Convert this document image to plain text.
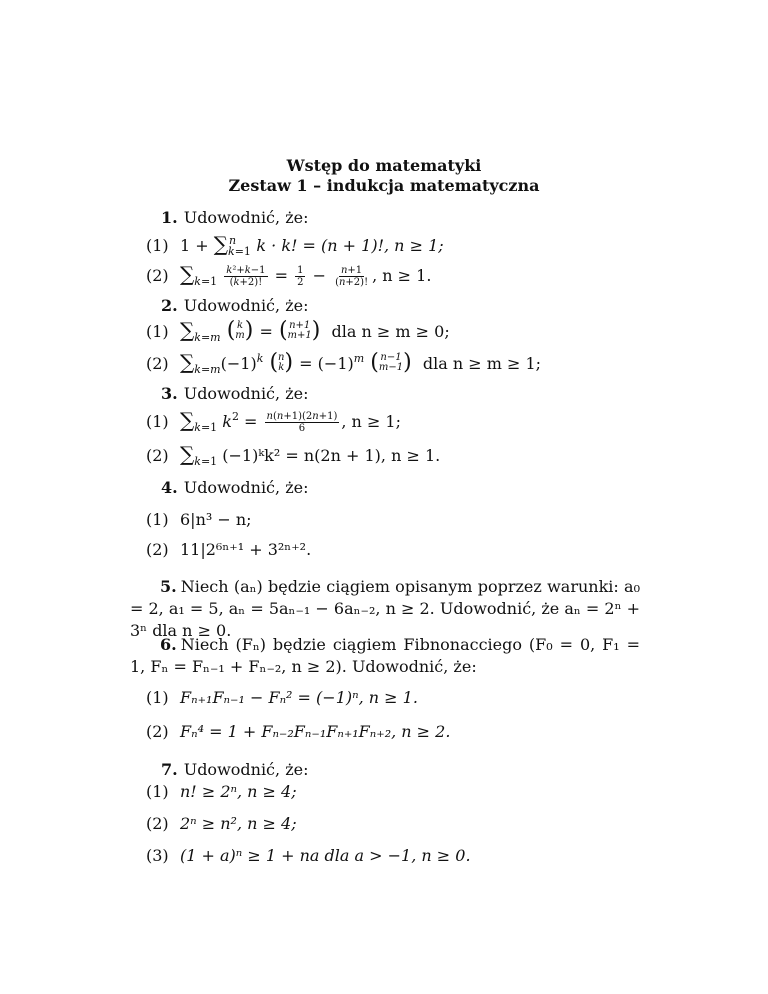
Wstęp do matematyki
Zestaw 1 – indukcja matematyczna
1. Udowodnić, że:
(1) $1 + \sum_{k=1}^n$ k · k! = (n + 1)!, n ≥ 1;
(2) $\sum_{k=1} \frac{\text{k²+k−1}}{(k+2)!} = \frac{1}{2} - \frac{n+1}{(n+2)!}$ , n ≥ 1.
2. Udowodnić, że:
(1) $\sum_{k=m}$ ( k
m ) = ( n+1
m+1 ) dla n ≥ m ≥ 0;
(2) $\sum_{k=m}(-1)^k$ ( n
k ) = $(-1)^m$ ( n−1
m−1 ) dla n ≥ m ≥ 1;
3. Udowodnić, że:
(1) $\sum_{k=1}$ $k^2 = \frac{n(n+1)(2n+1)}{6}$ , n ≥ 1;
(2) $\sum_{k=1}$ (−1)ᵏk² = n(2n + 1), n ≥ 1.
4. Udowodnić, że:
(1) 6|n³ − n;
(2) 11|2⁶ⁿ⁺¹ + 3²ⁿ⁺².
5. Niech (aₙ) będzie ciągiem opisanym poprzez warunki: a₀ = 2, a₁ = 5, aₙ = 5aₙ₋₁ − 6aₙ₋₂, n ≥ 2. Udowodnić, że aₙ = 2ⁿ + 3ⁿ dla n ≥ 0.
6. Niech (Fₙ) będzie ciągiem Fibnonacciego (F₀ = 0, F₁ = 1, Fₙ = Fₙ₋₁ + Fₙ₋₂, n ≥ 2). Udowodnić, że:
(1) Fₙ₊₁Fₙ₋₁ − Fₙ² = (−1)ⁿ, n ≥ 1.
(2) Fₙ⁴ = 1 + Fₙ₋₂Fₙ₋₁Fₙ₊₁Fₙ₊₂, n ≥ 2.
7. Udowodnić, że:
(1) n! ≥ 2ⁿ, n ≥ 4;
(2) 2ⁿ ≥ n², n ≥ 4;
(3) (1 + a)ⁿ ≥ 1 + na dla a > −1, n ≥ 0.
